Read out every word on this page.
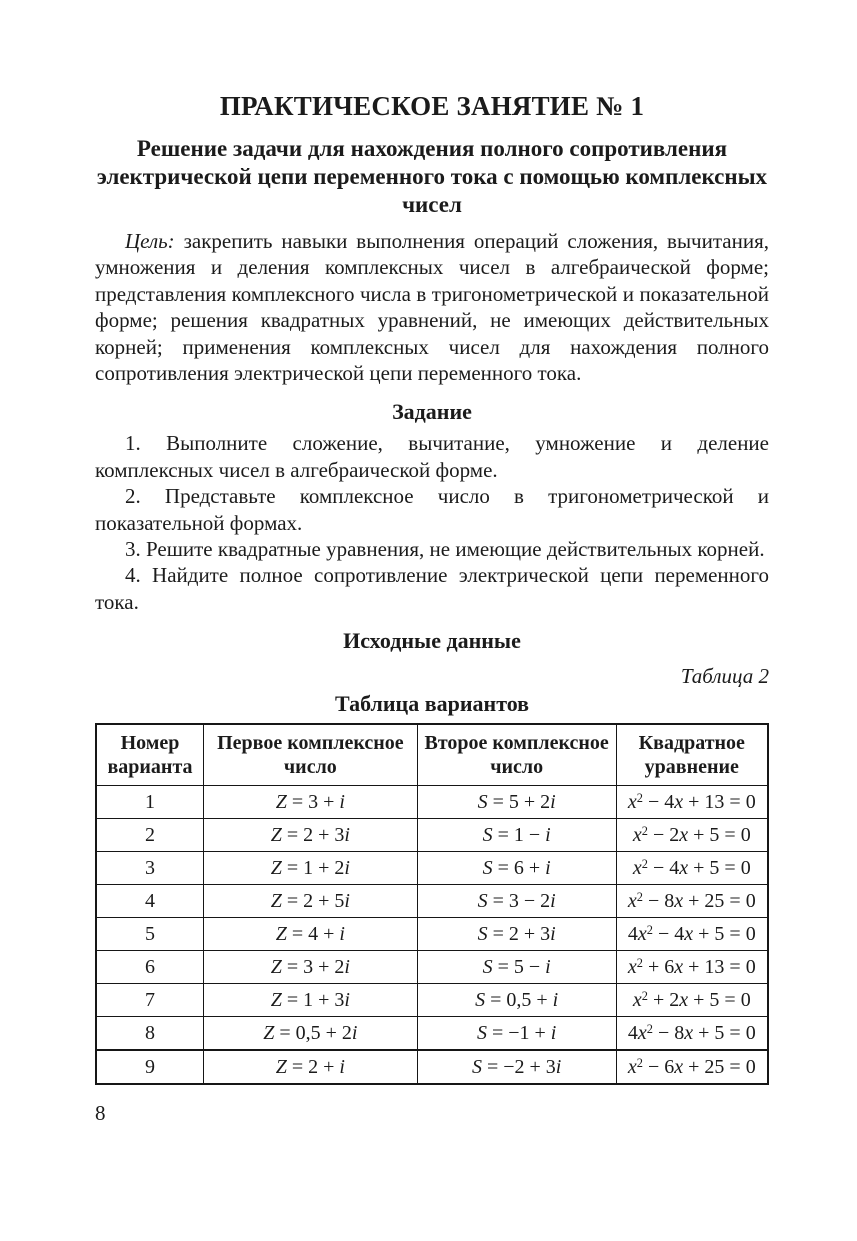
ПРАКТИЧЕСКОЕ ЗАНЯТИЕ № 1
Решение задачи для нахождения полного сопротивления электрической цепи переменного тока с помощью комплексных чисел

Цель: закрепить навыки выполнения операций сложения, вычитания, умножения и деления комплексных чисел в алгебраической форме; представления комплексного числа в тригонометрической и показательной форме; решения квадратных уравнений, не имеющих действительных корней; применения комплексных чисел для нахождения полного сопротивления электрической цепи переменного тока.

Задание

1. Выполните сложение, вычитание, умножение и деление комплексных чисел в алгебраической форме.

2. Представьте комплексное число в тригонометрической и показательной формах.

3. Решите квадратные уравнения, не имеющие действительных корней.

4. Найдите полное сопротивление электрической цепи переменного тока.

Исходные данные

Таблица 2

Таблица вариантов

Номер варианта	Первое комплексное число	Второе комплексное число	Квадратное уравнение
1	Z = 3 + i	S = 5 + 2i	$x^2 - 4x + 13 = 0$
2	Z = 2 + 3i	S = 1 − i	$x^2 - 2x + 5 = 0$
3	Z = 1 + 2i	S = 6 + i	$x^2 - 4x + 5 = 0$
4	Z = 2 + 5i	S = 3 − 2i	$x^2 - 8x + 25 = 0$
5	Z = 4 + i	S = 2 + 3i	$4x^2 - 4x + 5 = 0$
6	Z = 3 + 2i	S = 5 − i	$x^2 + 6x + 13 = 0$
7	Z = 1 + 3i	S = 0,5 + i	$x^2 + 2x + 5 = 0$
8	Z = 0,5 + 2i	S = −1 + i	$4x^2 - 8x + 5 = 0$
9	Z = 2 + i	S = −2 + 3i	$x^2 - 6x + 25 = 0$

8
